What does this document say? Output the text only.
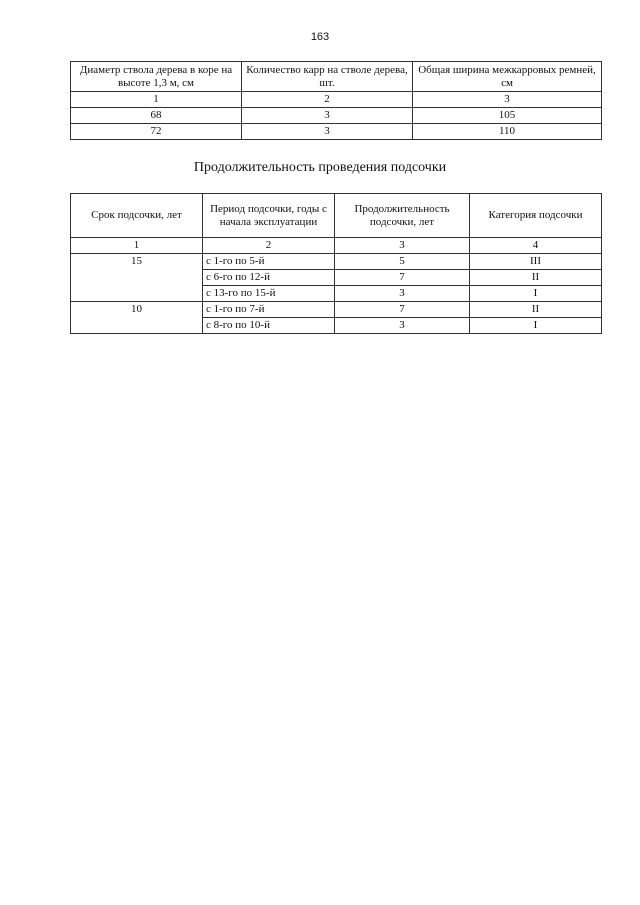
163
Диаметр ствола дерева в коре на высоте 1,3 м, см	Количество карр на стволе дерева, шт.	Общая ширина межкарровых ремней, см
1	2	3
68	3	105
72	3	110
Продолжительность проведения подсочки
Срок подсочки, лет	Период подсочки, годы с начала эксплуатации	Продолжительность подсочки, лет	Категория подсочки
1	2	3	4
15	с 1-го по 5-й	5	III
	с 6-го по 12-й	7	II
	с 13-го по 15-й	3	I
10	с 1-го по 7-й	7	II
	с 8-го по 10-й	3	I
